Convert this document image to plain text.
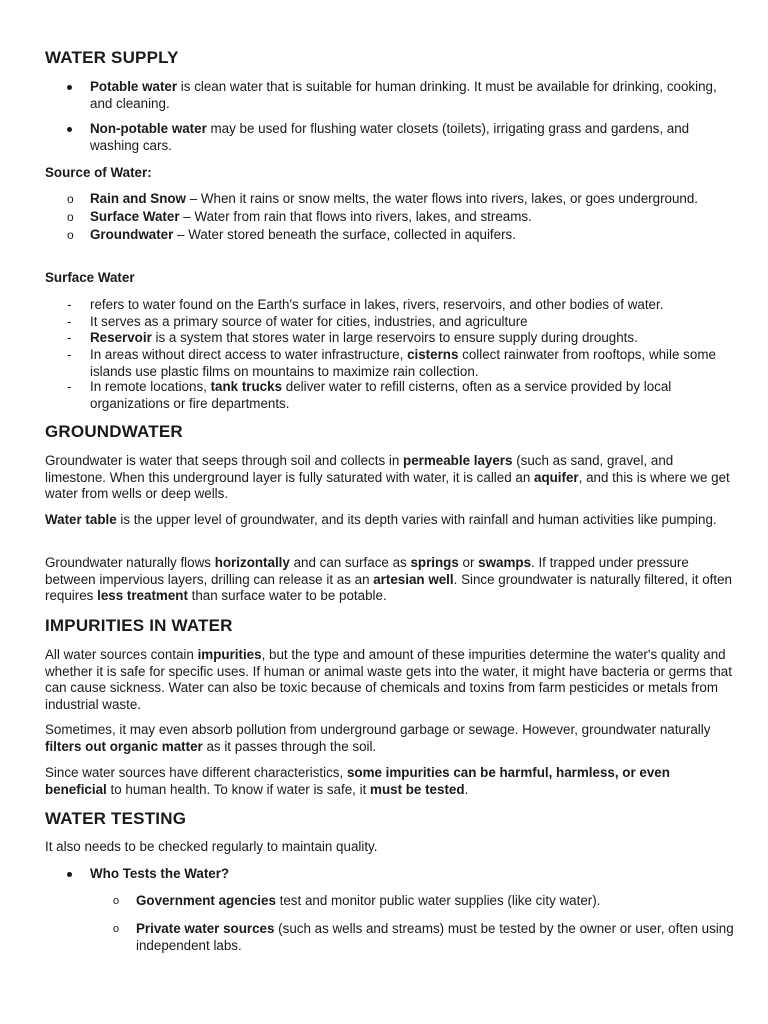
WATER SUPPLY
Potable water is clean water that is suitable for human drinking. It must be available for drinking, cooking, and cleaning.
Non-potable water may be used for flushing water closets (toilets), irrigating grass and gardens, and washing cars.
Source of Water:
o Rain and Snow – When it rains or snow melts, the water flows into rivers, lakes, or goes underground.
o Surface Water – Water from rain that flows into rivers, lakes, and streams.
o Groundwater – Water stored beneath the surface, collected in aquifers.
Surface Water
- refers to water found on the Earth's surface in lakes, rivers, reservoirs, and other bodies of water.
- It serves as a primary source of water for cities, industries, and agriculture
- Reservoir is a system that stores water in large reservoirs to ensure supply during droughts.
- In areas without direct access to water infrastructure, cisterns collect rainwater from rooftops, while some islands use plastic films on mountains to maximize rain collection.
- In remote locations, tank trucks deliver water to refill cisterns, often as a service provided by local organizations or fire departments.
GROUNDWATER

Groundwater is water that seeps through soil and collects in permeable layers (such as sand, gravel, and limestone. When this underground layer is fully saturated with water, it is called an aquifer, and this is where we get water from wells or deep wells.

Water table is the upper level of groundwater, and its depth varies with rainfall and human activities like pumping.

Groundwater naturally flows horizontally and can surface as springs or swamps. If trapped under pressure between impervious layers, drilling can release it as an artesian well. Since groundwater is naturally filtered, it often requires less treatment than surface water to be potable.

IMPURITIES IN WATER

All water sources contain impurities, but the type and amount of these impurities determine the water's quality and whether it is safe for specific uses. If human or animal waste gets into the water, it might have bacteria or germs that can cause sickness. Water can also be toxic because of chemicals and toxins from farm pesticides or metals from industrial waste.

Sometimes, it may even absorb pollution from underground garbage or sewage. However, groundwater naturally filters out organic matter as it passes through the soil.

Since water sources have different characteristics, some impurities can be harmful, harmless, or even beneficial to human health. To know if water is safe, it must be tested.

WATER TESTING

It also needs to be checked regularly to maintain quality.

Who Tests the Water?
o Government agencies test and monitor public water supplies (like city water).
o Private water sources (such as wells and streams) must be tested by the owner or user, often using independent labs.
